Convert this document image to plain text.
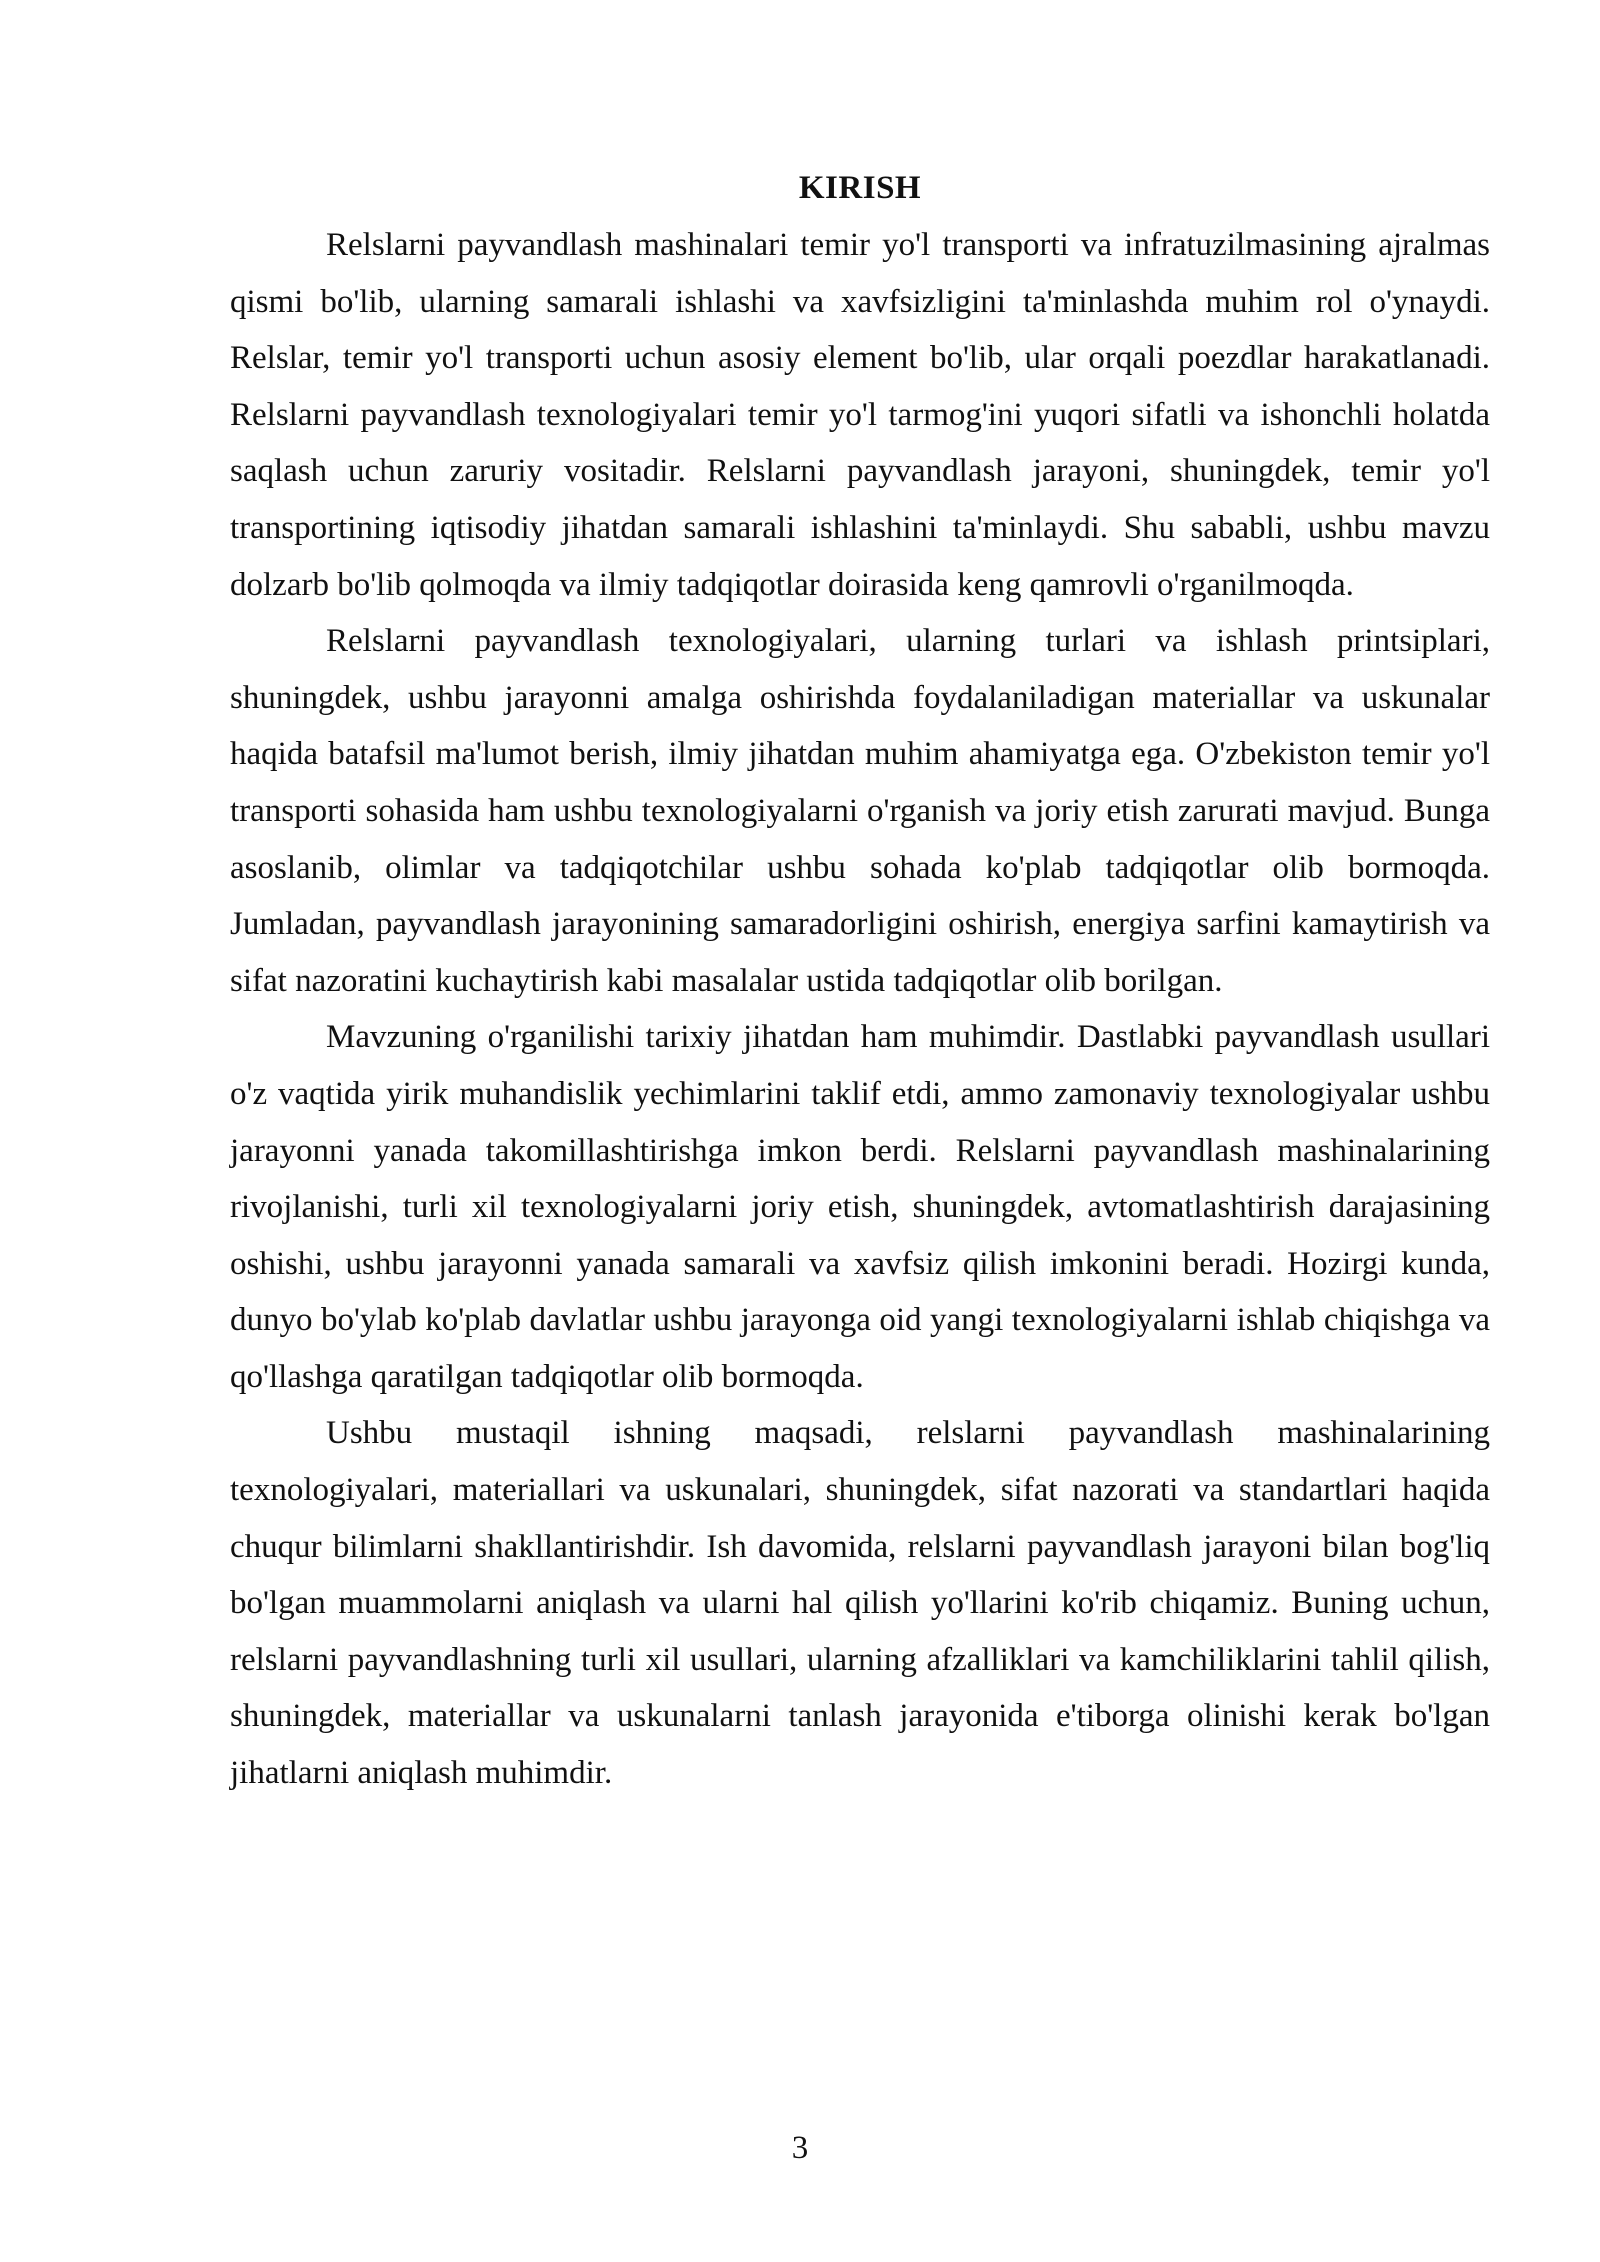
KIRISH

Relslarni payvandlash mashinalari temir yo'l transporti va infratuzilmasining ajralmas qismi bo'lib, ularning samarali ishlashi va xavfsizligini ta'minlashda muhim rol o'ynaydi. Relslar, temir yo'l transporti uchun asosiy element bo'lib, ular orqali poezdlar harakatlanadi. Relslarni payvandlash texnologiyalari temir yo'l tarmog'ini yuqori sifatli va ishonchli holatda saqlash uchun zaruriy vositadir. Relslarni payvandlash jarayoni, shuningdek, temir yo'l transportining iqtisodiy jihatdan samarali ishlashini ta'minlaydi. Shu sababli, ushbu mavzu dolzarb bo'lib qolmoqda va ilmiy tadqiqotlar doirasida keng qamrovli o'rganilmoqda.

Relslarni payvandlash texnologiyalari, ularning turlari va ishlash printsiplari, shuningdek, ushbu jarayonni amalga oshirishda foydalaniladigan materiallar va uskunalar haqida batafsil ma'lumot berish, ilmiy jihatdan muhim ahamiyatga ega. O'zbekiston temir yo'l transporti sohasida ham ushbu texnologiyalarni o'rganish va joriy etish zarurati mavjud. Bunga asoslanib, olimlar va tadqiqotchilar ushbu sohada ko'plab tadqiqotlar olib bormoqda. Jumladan, payvandlash jarayonining samaradorligini oshirish, energiya sarfini kamaytirish va sifat nazoratini kuchaytirish kabi masalalar ustida tadqiqotlar olib borilgan.

Mavzuning o'rganilishi tarixiy jihatdan ham muhimdir. Dastlabki payvandlash usullari o'z vaqtida yirik muhandislik yechimlarini taklif etdi, ammo zamonaviy texnologiyalar ushbu jarayonni yanada takomillashtirishga imkon berdi. Relslarni payvandlash mashinalarining rivojlanishi, turli xil texnologiyalarni joriy etish, shuningdek, avtomatlashtirish darajasining oshishi, ushbu jarayonni yanada samarali va xavfsiz qilish imkonini beradi. Hozirgi kunda, dunyo bo'ylab ko'plab davlatlar ushbu jarayonga oid yangi texnologiyalarni ishlab chiqishga va qo'llashga qaratilgan tadqiqotlar olib bormoqda.

Ushbu mustaqil ishning maqsadi, relslarni payvandlash mashinalarining texnologiyalari, materiallari va uskunalari, shuningdek, sifat nazorati va standartlari haqida chuqur bilimlarni shakllantirishdir. Ish davomida, relslarni payvandlash jarayoni bilan bog'liq bo'lgan muammolarni aniqlash va ularni hal qilish yo'llarini ko'rib chiqamiz. Buning uchun, relslarni payvandlashning turli xil usullari, ularning afzalliklari va kamchiliklarini tahlil qilish, shuningdek, materiallar va uskunalarni tanlash jarayonida e'tiborga olinishi kerak bo'lgan jihatlarni aniqlash muhimdir.

3
